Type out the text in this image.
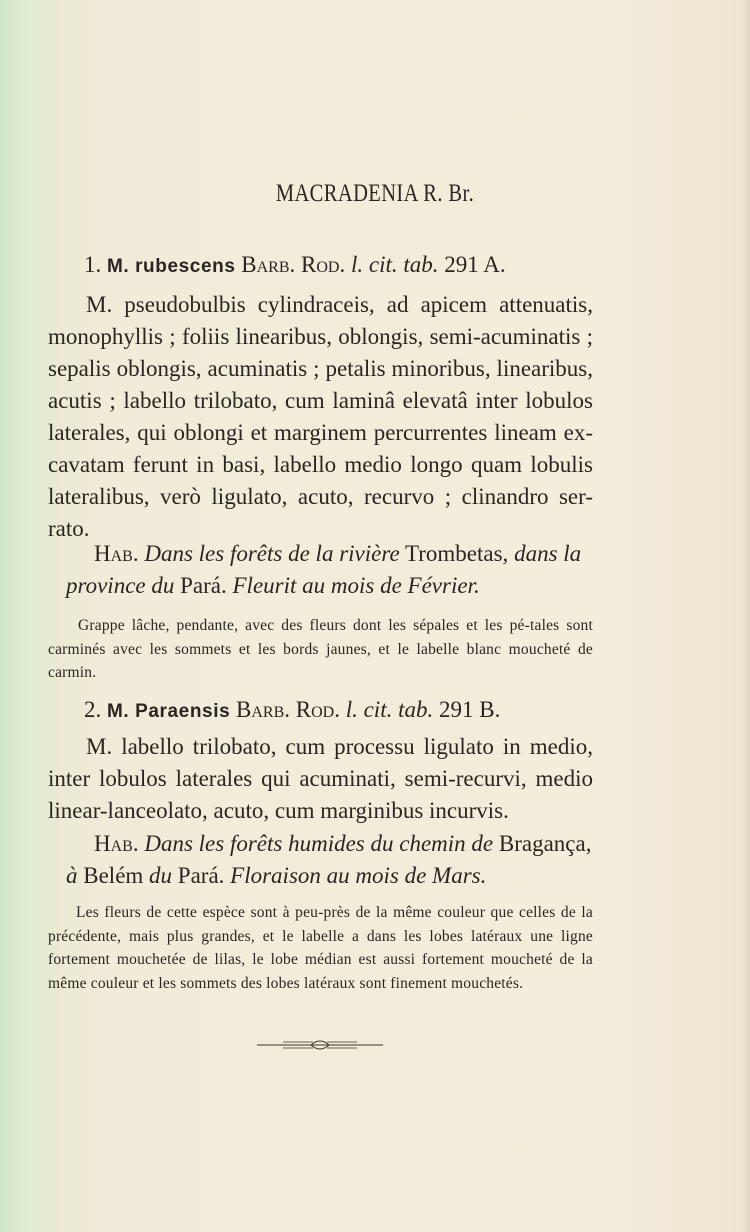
MACRADENIA R. Br.
1. M. rubescens Barb. Rod. l. cit. tab. 291 A.
M. pseudobulbis cylindraceis, ad apicem attenuatis, monophyllis ; foliis linearibus, oblongis, semi-acuminatis ; sepalis oblongis, acuminatis ; petalis minoribus, linearibus, acutis ; labello trilobato, cum laminâ elevatâ inter lobulos laterales, qui oblongi et marginem percurrentes lineam ex-cavatam ferunt in basi, labello medio longo quam lobulis lateralibus, verò ligulato, acuto, recurvo ; clinandro ser-rato.
Hab. Dans les forêts de la rivière Trombetas, dans la province du Pará. Fleurit au mois de Février.
Grappe lâche, pendante, avec des fleurs dont les sépales et les pé-tales sont carminés avec les sommets et les bords jaunes, et le labelle blanc moucheté de carmin.
2. M. Paraensis Barb. Rod. l. cit. tab. 291 B.
M. labello trilobato, cum processu ligulato in medio, inter lobulos laterales qui acuminati, semi-recurvi, medio linear-lanceolato, acuto, cum marginibus incurvis.
Hab. Dans les forêts humides du chemin de Bragança, à Belém du Pará. Floraison au mois de Mars.
Les fleurs de cette espèce sont à peu-près de la même couleur que celles de la précédente, mais plus grandes, et le labelle a dans les lobes latéraux une ligne fortement mouchetée de lilas, le lobe médian est aussi fortement moucheté de la même couleur et les sommets des lobes latéraux sont finement mouchetés.
